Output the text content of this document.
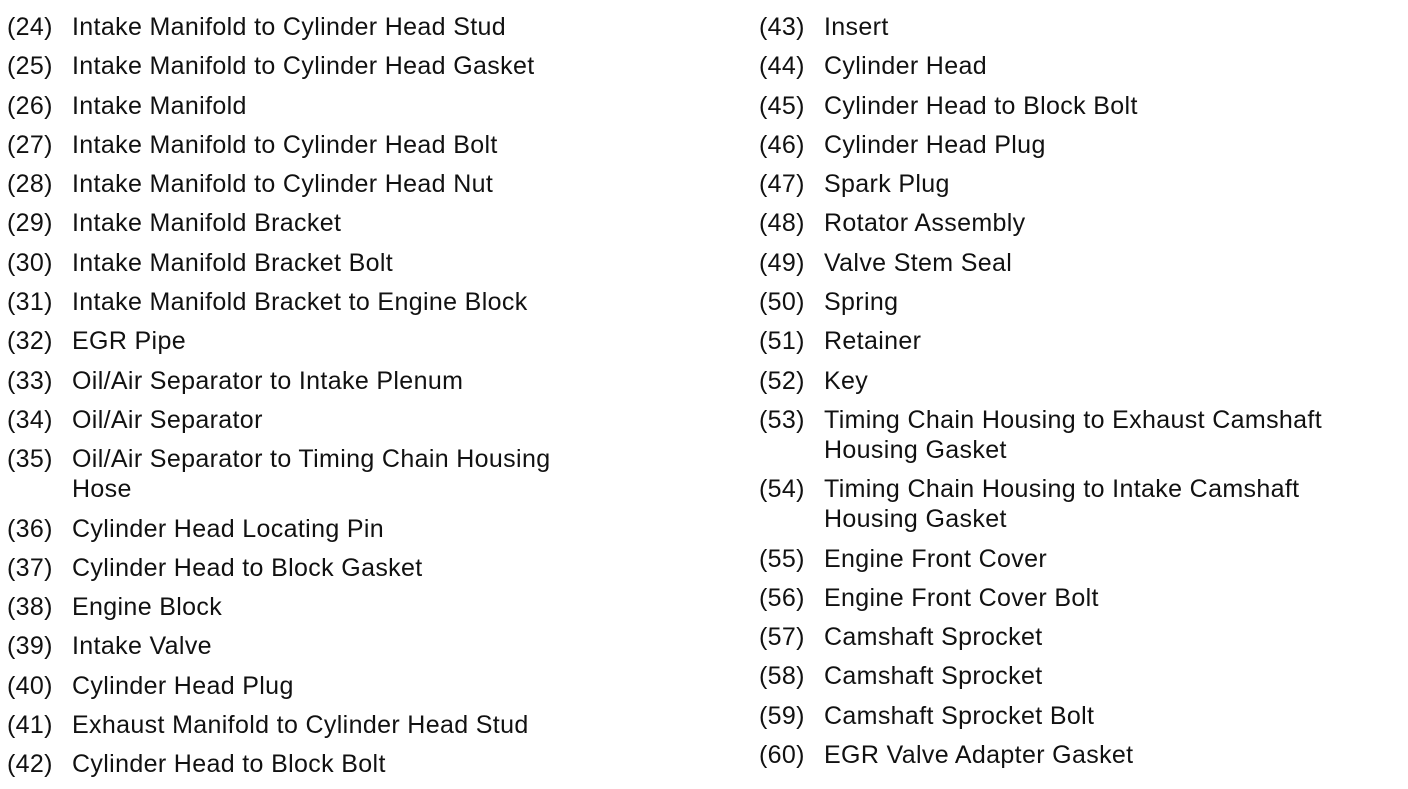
(24) Intake Manifold to Cylinder Head Stud
(25) Intake Manifold to Cylinder Head Gasket
(26) Intake Manifold
(27) Intake Manifold to Cylinder Head Bolt
(28) Intake Manifold to Cylinder Head Nut
(29) Intake Manifold Bracket
(30) Intake Manifold Bracket Bolt
(31) Intake Manifold Bracket to Engine Block
(32) EGR Pipe
(33) Oil/Air Separator to Intake Plenum
(34) Oil/Air Separator
(35) Oil/Air Separator to Timing Chain Housing Hose
(36) Cylinder Head Locating Pin
(37) Cylinder Head to Block Gasket
(38) Engine Block
(39) Intake Valve
(40) Cylinder Head Plug
(41) Exhaust Manifold to Cylinder Head Stud
(42) Cylinder Head to Block Bolt
(43) Insert
(44) Cylinder Head
(45) Cylinder Head to Block Bolt
(46) Cylinder Head Plug
(47) Spark Plug
(48) Rotator Assembly
(49) Valve Stem Seal
(50) Spring
(51) Retainer
(52) Key
(53) Timing Chain Housing to Exhaust Camshaft Housing Gasket
(54) Timing Chain Housing to Intake Camshaft Housing Gasket
(55) Engine Front Cover
(56) Engine Front Cover Bolt
(57) Camshaft Sprocket
(58) Camshaft Sprocket
(59) Camshaft Sprocket Bolt
(60) EGR Valve Adapter Gasket
